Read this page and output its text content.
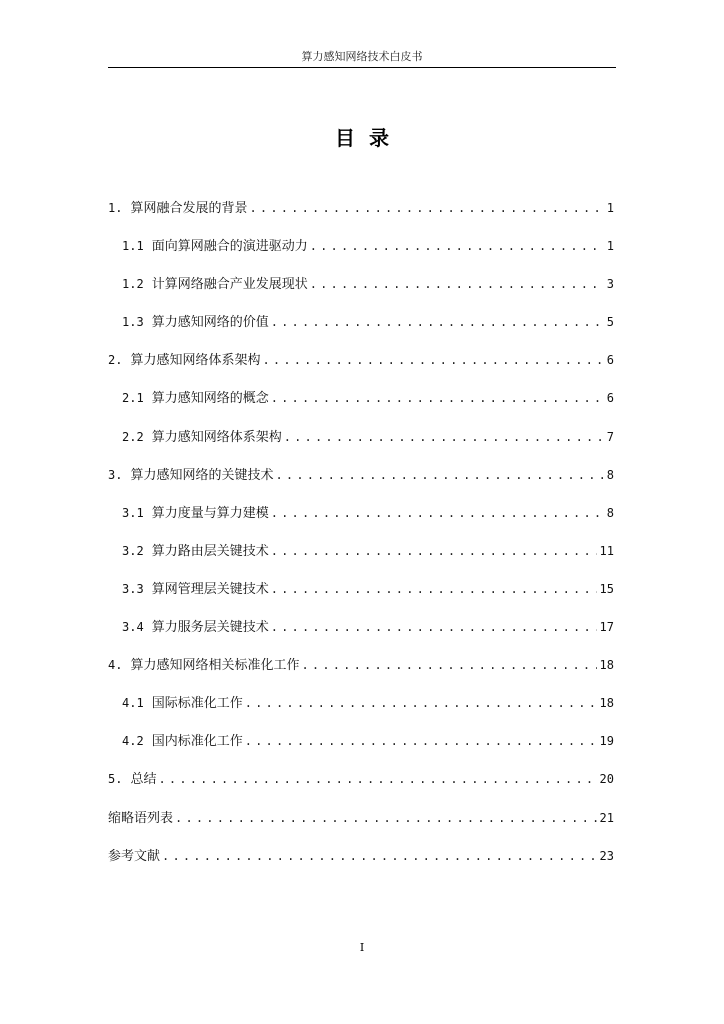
算力感知网络技术白皮书
目录
1. 算网融合发展的背景 .....	1
1.1 面向算网融合的演进驱动力 .....	1
1.2 计算网络融合产业发展现状 .....	3
1.3 算力感知网络的价值 .....	5
2. 算力感知网络体系架构 .....	6
2.1 算力感知网络的概念 .....	6
2.2 算力感知网络体系架构 .....	7
3. 算力感知网络的关键技术 .....	8
3.1 算力度量与算力建模 .....	8
3.2 算力路由层关键技术 .....	11
3.3 算网管理层关键技术 .....	15
3.4 算力服务层关键技术 .....	17
4. 算力感知网络相关标准化工作 .....	18
4.1 国际标准化工作 .....	18
4.2 国内标准化工作 .....	19
5. 总结 .....	20
缩略语列表 .....	21
参考文献 .....	23
I
